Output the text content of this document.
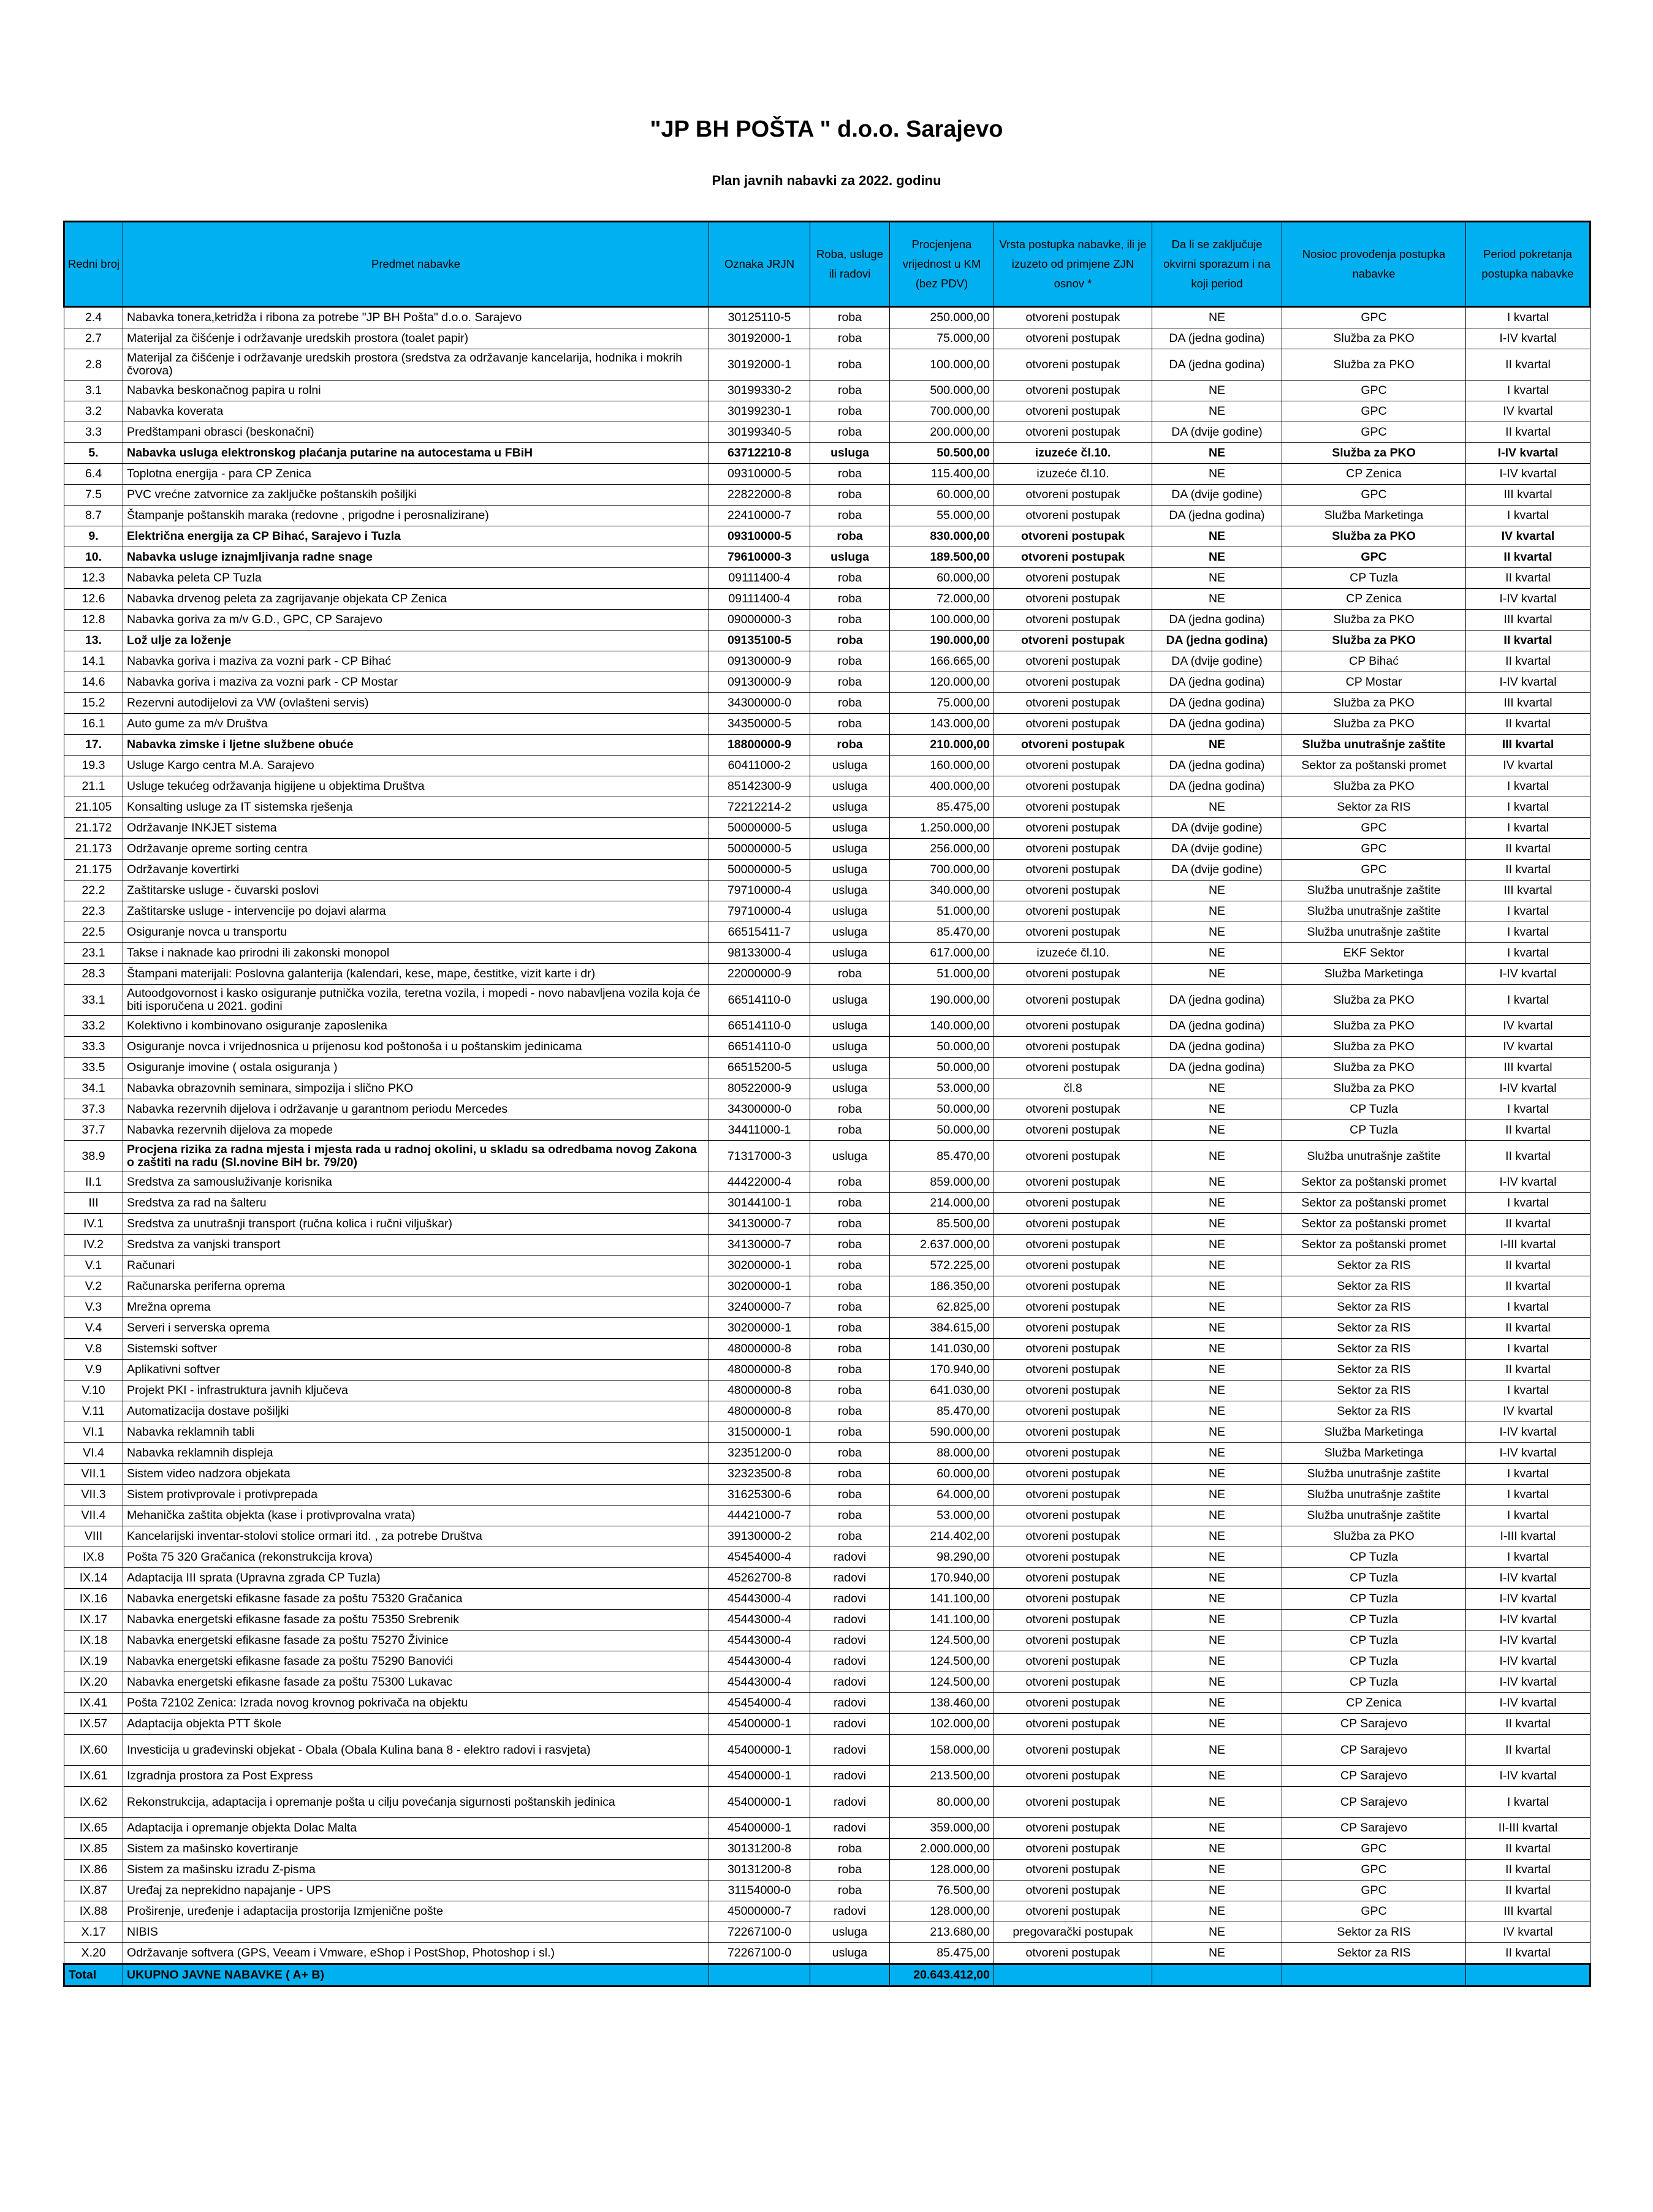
"JP BH POŠTA " d.o.o. Sarajevo
Plan javnih nabavki za 2022. godinu
Redni broj	Predmet nabavke	Oznaka JRJN	Roba, usluge ili radovi	Procjenjena vrijednost u KM (bez PDV)	Vrsta postupka nabavke, ili je izuzeto od primjene ZJN osnov *	Da li se zaključuje okvirni sporazum i na koji period	Nosioc provođenja postupka nabavke	Period pokretanja postupka nabavke
2.4	Nabavka tonera,ketridža i ribona za potrebe "JP BH Pošta" d.o.o. Sarajevo	30125110-5	roba	250.000,00	otvoreni postupak	NE	GPC	I kvartal
2.7	Materijal za čišćenje i održavanje uredskih prostora (toalet papir)	30192000-1	roba	75.000,00	otvoreni postupak	DA (jedna godina)	Služba za PKO	I-IV kvartal
2.8	Materijal za čišćenje i održavanje uredskih prostora (sredstva za održavanje kancelarija, hodnika i mokrih čvorova)	30192000-1	roba	100.000,00	otvoreni postupak	DA (jedna godina)	Služba za PKO	II kvartal
3.1	Nabavka beskonačnog papira u rolni	30199330-2	roba	500.000,00	otvoreni postupak	NE	GPC	I kvartal
3.2	Nabavka koverata	30199230-1	roba	700.000,00	otvoreni postupak	NE	GPC	IV kvartal
3.3	Predštampani obrasci (beskonačni)	30199340-5	roba	200.000,00	otvoreni postupak	DA (dvije godine)	GPC	II kvartal
5.	Nabavka usluga elektronskog plaćanja putarine na autocestama u FBiH	63712210-8	usluga	50.500,00	izuzeće čl.10.	NE	Služba za PKO	I-IV kvartal
6.4	Toplotna energija - para CP Zenica	09310000-5	roba	115.400,00	izuzeće čl.10.	NE	CP Zenica	I-IV kvartal
7.5	PVC vrećne zatvornice za zaključke poštanskih pošiljki	22822000-8	roba	60.000,00	otvoreni postupak	DA (dvije godine)	GPC	III kvartal
8.7	Štampanje poštanskih maraka (redovne , prigodne i perosnalizirane)	22410000-7	roba	55.000,00	otvoreni postupak	DA (jedna godina)	Služba Marketinga	I kvartal
9.	Električna energija za CP Bihać, Sarajevo i Tuzla	09310000-5	roba	830.000,00	otvoreni postupak	NE	Služba za PKO	IV kvartal
10.	Nabavka usluge iznajmljivanja radne snage	79610000-3	usluga	189.500,00	otvoreni postupak	NE	GPC	II kvartal
12.3	Nabavka peleta CP Tuzla	09111400-4	roba	60.000,00	otvoreni postupak	NE	CP Tuzla	II kvartal
12.6	Nabavka drvenog peleta za zagrijavanje objekata CP Zenica	09111400-4	roba	72.000,00	otvoreni postupak	NE	CP Zenica	I-IV kvartal
12.8	Nabavka goriva za m/v G.D., GPC, CP Sarajevo	09000000-3	roba	100.000,00	otvoreni postupak	DA (jedna godina)	Služba za PKO	III kvartal
13.	Lož ulje za loženje	09135100-5	roba	190.000,00	otvoreni postupak	DA (jedna godina)	Služba za PKO	II kvartal
14.1	Nabavka goriva i maziva za vozni park - CP Bihać	09130000-9	roba	166.665,00	otvoreni postupak	DA (dvije godine)	CP Bihać	II kvartal
14.6	Nabavka goriva i maziva za vozni park - CP Mostar	09130000-9	roba	120.000,00	otvoreni postupak	DA (jedna godina)	CP Mostar	I-IV kvartal
15.2	Rezervni autodijelovi za VW (ovlašteni servis)	34300000-0	roba	75.000,00	otvoreni postupak	DA (jedna godina)	Služba za PKO	III kvartal
16.1	Auto gume za m/v Društva	34350000-5	roba	143.000,00	otvoreni postupak	DA (jedna godina)	Služba za PKO	II kvartal
17.	Nabavka zimske i ljetne službene obuće	18800000-9	roba	210.000,00	otvoreni postupak	NE	Služba unutrašnje zaštite	III kvartal
19.3	Usluge Kargo centra M.A. Sarajevo	60411000-2	usluga	160.000,00	otvoreni postupak	DA (jedna godina)	Sektor za poštanski promet	IV kvartal
21.1	Usluge tekućeg održavanja higijene u objektima Društva	85142300-9	usluga	400.000,00	otvoreni postupak	DA (jedna godina)	Služba za PKO	I kvartal
21.105	Konsalting usluge za IT sistemska rješenja	72212214-2	usluga	85.475,00	otvoreni postupak	NE	Sektor za RIS	I kvartal
21.172	Održavanje INKJET sistema	50000000-5	usluga	1.250.000,00	otvoreni postupak	DA (dvije godine)	GPC	I kvartal
21.173	Održavanje opreme sorting centra	50000000-5	usluga	256.000,00	otvoreni postupak	DA (dvije godine)	GPC	II kvartal
21.175	Održavanje kovertirki	50000000-5	usluga	700.000,00	otvoreni postupak	DA (dvije godine)	GPC	II kvartal
22.2	Zaštitarske usluge - čuvarski poslovi	79710000-4	usluga	340.000,00	otvoreni postupak	NE	Služba unutrašnje zaštite	III kvartal
22.3	Zaštitarske usluge - intervencije po dojavi alarma	79710000-4	usluga	51.000,00	otvoreni postupak	NE	Služba unutrašnje zaštite	I kvartal
22.5	Osiguranje novca u transportu	66515411-7	usluga	85.470,00	otvoreni postupak	NE	Služba unutrašnje zaštite	I kvartal
23.1	Takse i naknade kao prirodni ili zakonski monopol	98133000-4	usluga	617.000,00	izuzeće čl.10.	NE	EKF Sektor	I kvartal
28.3	Štampani materijali: Poslovna galanterija (kalendari, kese, mape, čestitke, vizit karte i dr)	22000000-9	roba	51.000,00	otvoreni postupak	NE	Služba Marketinga	I-IV kvartal
33.1	Autoodgovornost i kasko osiguranje putnička vozila, teretna vozila, i mopedi - novo nabavljena vozila koja će biti isporučena u 2021. godini	66514110-0	usluga	190.000,00	otvoreni postupak	DA (jedna godina)	Služba za PKO	I kvartal
33.2	Kolektivno i kombinovano osiguranje zaposlenika	66514110-0	usluga	140.000,00	otvoreni postupak	DA (jedna godina)	Služba za PKO	IV kvartal
33.3	Osiguranje novca i vrijednosnica u prijenosu kod poštonoša i u poštanskim jedinicama	66514110-0	usluga	50.000,00	otvoreni postupak	DA (jedna godina)	Služba za PKO	IV kvartal
33.5	Osiguranje imovine ( ostala osiguranja )	66515200-5	usluga	50.000,00	otvoreni postupak	DA (jedna godina)	Služba za PKO	III kvartal
34.1	Nabavka obrazovnih seminara, simpozija i slično PKO	80522000-9	usluga	53.000,00	čl.8	NE	Služba za PKO	I-IV kvartal
37.3	Nabavka rezervnih dijelova i održavanje u garantnom periodu Mercedes	34300000-0	roba	50.000,00	otvoreni postupak	NE	CP Tuzla	I kvartal
37.7	Nabavka rezervnih dijelova za mopede	34411000-1	roba	50.000,00	otvoreni postupak	NE	CP Tuzla	II kvartal
38.9	Procjena rizika za radna mjesta i mjesta rada u radnoj okolini, u skladu sa odredbama novog Zakona o zaštiti na radu (Sl.novine BiH br. 79/20)	71317000-3	usluga	85.470,00	otvoreni postupak	NE	Služba unutrašnje zaštite	II kvartal
II.1	Sredstva za samousluživanje korisnika	44422000-4	roba	859.000,00	otvoreni postupak	NE	Sektor za poštanski promet	I-IV kvartal
III	Sredstva za rad na šalteru	30144100-1	roba	214.000,00	otvoreni postupak	NE	Sektor za poštanski promet	I kvartal
IV.1	Sredstva za unutrašnji transport (ručna kolica i ručni viljuškar)	34130000-7	roba	85.500,00	otvoreni postupak	NE	Sektor za poštanski promet	II kvartal
IV.2	Sredstva za vanjski transport	34130000-7	roba	2.637.000,00	otvoreni postupak	NE	Sektor za poštanski promet	I-III kvartal
V.1	Računari	30200000-1	roba	572.225,00	otvoreni postupak	NE	Sektor za RIS	II kvartal
V.2	Računarska periferna oprema	30200000-1	roba	186.350,00	otvoreni postupak	NE	Sektor za RIS	II kvartal
V.3	Mrežna oprema	32400000-7	roba	62.825,00	otvoreni postupak	NE	Sektor za RIS	I kvartal
V.4	Serveri i serverska oprema	30200000-1	roba	384.615,00	otvoreni postupak	NE	Sektor za RIS	II kvartal
V.8	Sistemski softver	48000000-8	roba	141.030,00	otvoreni postupak	NE	Sektor za RIS	I kvartal
V.9	Aplikativni softver	48000000-8	roba	170.940,00	otvoreni postupak	NE	Sektor za RIS	II kvartal
V.10	Projekt PKI - infrastruktura javnih ključeva	48000000-8	roba	641.030,00	otvoreni postupak	NE	Sektor za RIS	I kvartal
V.11	Automatizacija dostave pošiljki	48000000-8	roba	85.470,00	otvoreni postupak	NE	Sektor za RIS	IV kvartal
VI.1	Nabavka reklamnih tabli	31500000-1	roba	590.000,00	otvoreni postupak	NE	Služba Marketinga	I-IV kvartal
VI.4	Nabavka reklamnih displeja	32351200-0	roba	88.000,00	otvoreni postupak	NE	Služba Marketinga	I-IV kvartal
VII.1	Sistem video nadzora objekata	32323500-8	roba	60.000,00	otvoreni postupak	NE	Služba unutrašnje zaštite	I kvartal
VII.3	Sistem protivprovale i protivprepada	31625300-6	roba	64.000,00	otvoreni postupak	NE	Služba unutrašnje zaštite	I kvartal
VII.4	Mehanička zaštita objekta (kase i protivprovalna vrata)	44421000-7	roba	53.000,00	otvoreni postupak	NE	Služba unutrašnje zaštite	I kvartal
VIII	Kancelarijski inventar-stolovi stolice ormari itd. , za potrebe Društva	39130000-2	roba	214.402,00	otvoreni postupak	NE	Služba za PKO	I-III kvartal
IX.8	Pošta 75 320 Gračanica (rekonstrukcija krova)	45454000-4	radovi	98.290,00	otvoreni postupak	NE	CP Tuzla	I kvartal
IX.14	Adaptacija III sprata (Upravna zgrada CP Tuzla)	45262700-8	radovi	170.940,00	otvoreni postupak	NE	CP Tuzla	I-IV kvartal
IX.16	Nabavka energetski efikasne fasade za poštu 75320 Gračanica	45443000-4	radovi	141.100,00	otvoreni postupak	NE	CP Tuzla	I-IV kvartal
IX.17	Nabavka energetski efikasne fasade za poštu 75350 Srebrenik	45443000-4	radovi	141.100,00	otvoreni postupak	NE	CP Tuzla	I-IV kvartal
IX.18	Nabavka energetski efikasne fasade za poštu 75270 Živinice	45443000-4	radovi	124.500,00	otvoreni postupak	NE	CP Tuzla	I-IV kvartal
IX.19	Nabavka energetski efikasne fasade za poštu 75290 Banovići	45443000-4	radovi	124.500,00	otvoreni postupak	NE	CP Tuzla	I-IV kvartal
IX.20	Nabavka energetski efikasne fasade za poštu 75300 Lukavac	45443000-4	radovi	124.500,00	otvoreni postupak	NE	CP Tuzla	I-IV kvartal
IX.41	Pošta 72102 Zenica: Izrada novog krovnog pokrivača na objektu	45454000-4	radovi	138.460,00	otvoreni postupak	NE	CP Zenica	I-IV kvartal
IX.57	Adaptacija objekta PTT škole	45400000-1	radovi	102.000,00	otvoreni postupak	NE	CP Sarajevo	II kvartal
IX.60	Investicija u građevinski objekat - Obala (Obala Kulina bana 8 - elektro radovi i rasvjeta)	45400000-1	radovi	158.000,00	otvoreni postupak	NE	CP Sarajevo	II kvartal
IX.61	Izgradnja prostora za Post Express	45400000-1	radovi	213.500,00	otvoreni postupak	NE	CP Sarajevo	I-IV kvartal
IX.62	Rekonstrukcija, adaptacija i opremanje pošta u cilju povećanja sigurnosti poštanskih jedinica	45400000-1	radovi	80.000,00	otvoreni postupak	NE	CP Sarajevo	I kvartal
IX.65	Adaptacija i opremanje objekta Dolac Malta	45400000-1	radovi	359.000,00	otvoreni postupak	NE	CP Sarajevo	II-III kvartal
IX.85	Sistem za mašinsko kovertiranje	30131200-8	roba	2.000.000,00	otvoreni postupak	NE	GPC	II kvartal
IX.86	Sistem za mašinsku izradu Z-pisma	30131200-8	roba	128.000,00	otvoreni postupak	NE	GPC	II kvartal
IX.87	Uređaj za neprekidno napajanje - UPS	31154000-0	roba	76.500,00	otvoreni postupak	NE	GPC	II kvartal
IX.88	Proširenje, uređenje i adaptacija prostorija Izmjenične pošte	45000000-7	radovi	128.000,00	otvoreni postupak	NE	GPC	III kvartal
X.17	NIBIS	72267100-0	usluga	213.680,00	pregovarački postupak	NE	Sektor za RIS	IV kvartal
X.20	Održavanje softvera (GPS, Veeam i Vmware, eShop i PostShop, Photoshop i sl.)	72267100-0	usluga	85.475,00	otvoreni postupak	NE	Sektor za RIS	II kvartal
Total	UKUPNO JAVNE NABAVKE ( A+ B)			20.643.412,00				
